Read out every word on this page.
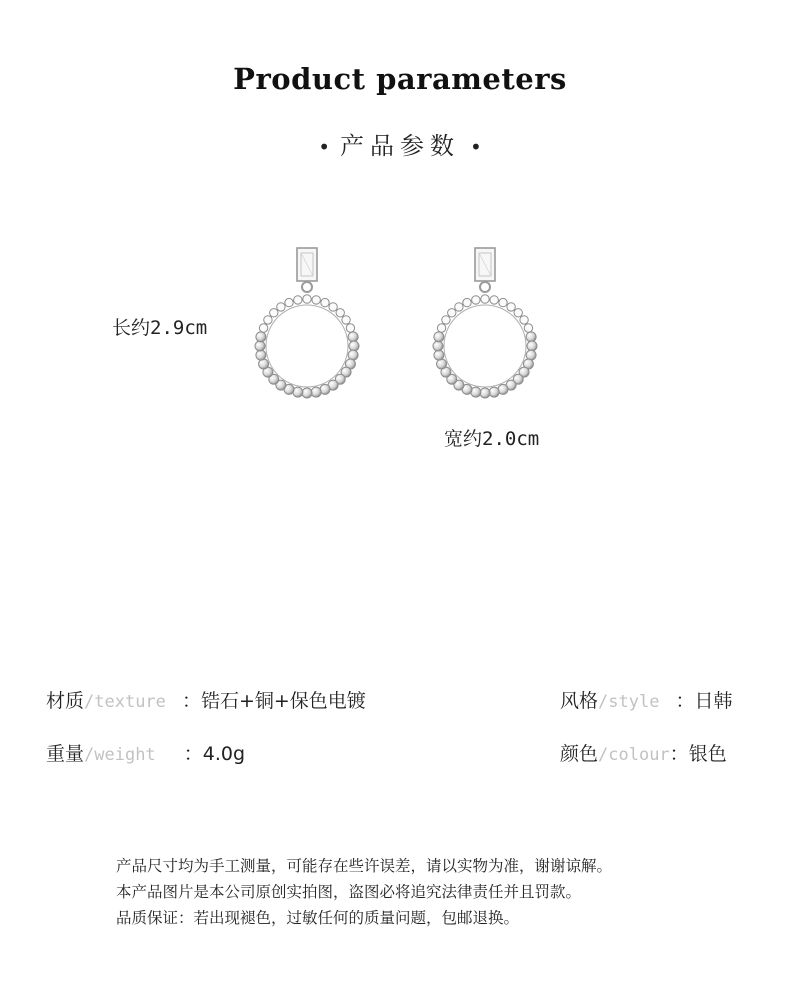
Product parameters
• 产品参数 •
长约2.9cm
宽约2.0cm
材质/texture ：锆石+铜+保色电镀	风格/style ：日韩
重量/weight ：4.0g	颜色/colour：银色
产品尺寸均为手工测量，可能存在些许误差，请以实物为准，谢谢谅解。
本产品图片是本公司原创实拍图，盗图必将追究法律责任并且罚款。
品质保证：若出现褪色，过敏任何的质量问题，包邮退换。
